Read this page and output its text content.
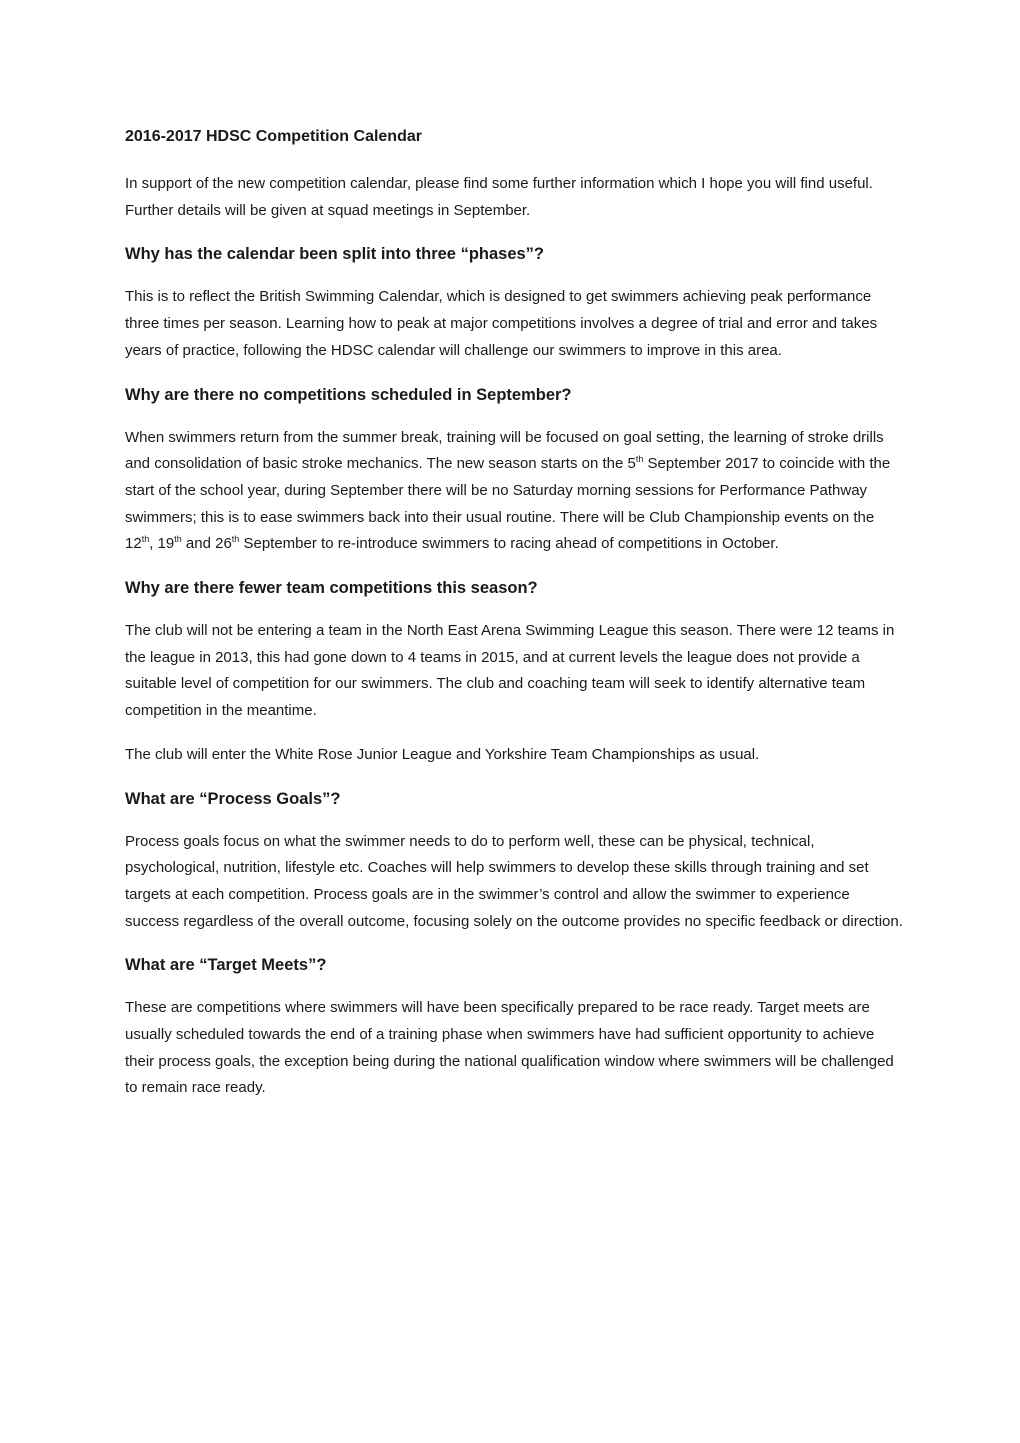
2016-2017 HDSC Competition Calendar

In support of the new competition calendar, please find some further information which I hope you will find useful. Further details will be given at squad meetings in September.

Why has the calendar been split into three “phases”?

This is to reflect the British Swimming Calendar, which is designed to get swimmers achieving peak performance three times per season. Learning how to peak at major competitions involves a degree of trial and error and takes years of practice, following the HDSC calendar will challenge our swimmers to improve in this area.

Why are there no competitions scheduled in September?

When swimmers return from the summer break, training will be focused on goal setting, the learning of stroke drills and consolidation of basic stroke mechanics. The new season starts on the 5th September 2017 to coincide with the start of the school year, during September there will be no Saturday morning sessions for Performance Pathway swimmers; this is to ease swimmers back into their usual routine. There will be Club Championship events on the 12th, 19th and 26th September to re-introduce swimmers to racing ahead of competitions in October.

Why are there fewer team competitions this season?

The club will not be entering a team in the North East Arena Swimming League this season. There were 12 teams in the league in 2013, this had gone down to 4 teams in 2015, and at current levels the league does not provide a suitable level of competition for our swimmers. The club and coaching team will seek to identify alternative team competition in the meantime.

The club will enter the White Rose Junior League and Yorkshire Team Championships as usual.

What are “Process Goals”?

Process goals focus on what the swimmer needs to do to perform well, these can be physical, technical, psychological, nutrition, lifestyle etc. Coaches will help swimmers to develop these skills through training and set targets at each competition. Process goals are in the swimmer’s control and allow the swimmer to experience success regardless of the overall outcome, focusing solely on the outcome provides no specific feedback or direction.

What are “Target Meets”?

These are competitions where swimmers will have been specifically prepared to be race ready. Target meets are usually scheduled towards the end of a training phase when swimmers have had sufficient opportunity to achieve their process goals, the exception being during the national qualification window where swimmers will be challenged to remain race ready.
